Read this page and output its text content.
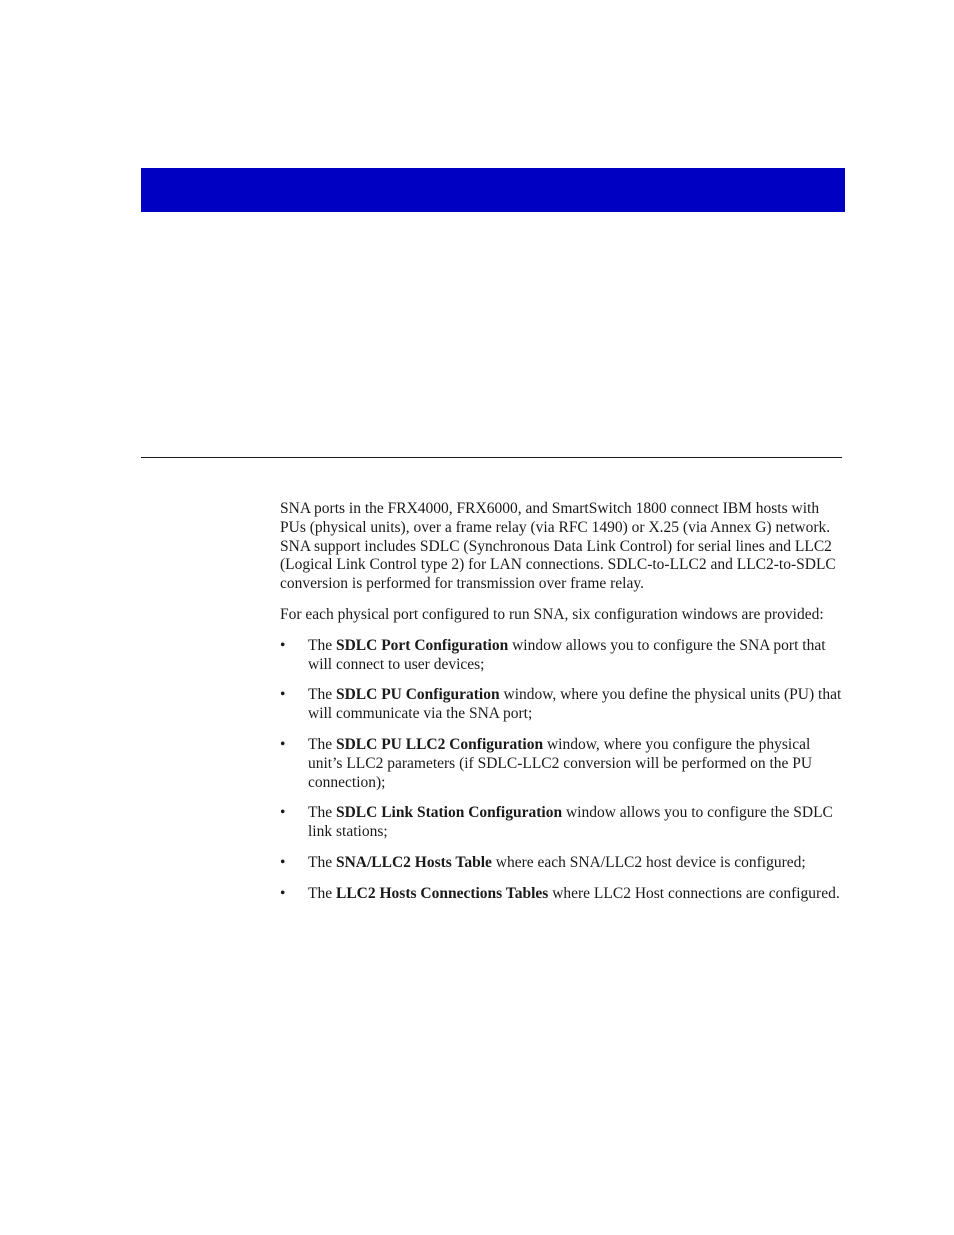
SNA ports in the FRX4000, FRX6000, and SmartSwitch 1800 connect IBM hosts with PUs (physical units), over a frame relay (via RFC 1490) or X.25 (via Annex G) network. SNA support includes SDLC (Synchronous Data Link Control) for serial lines and LLC2 (Logical Link Control type 2) for LAN connections. SDLC-to-LLC2 and LLC2-to-SDLC conversion is performed for transmission over frame relay.

For each physical port configured to run SNA, six configuration windows are provided:

• The SDLC Port Configuration window allows you to configure the SNA port that will connect to user devices;
• The SDLC PU Configuration window, where you define the physical units (PU) that will communicate via the SNA port;
• The SDLC PU LLC2 Configuration window, where you configure the physical unit’s LLC2 parameters (if SDLC-LLC2 conversion will be performed on the PU connection);
• The SDLC Link Station Configuration window allows you to configure the SDLC link stations;
• The SNA/LLC2 Hosts Table where each SNA/LLC2 host device is configured;
• The LLC2 Hosts Connections Tables where LLC2 Host connections are configured.
